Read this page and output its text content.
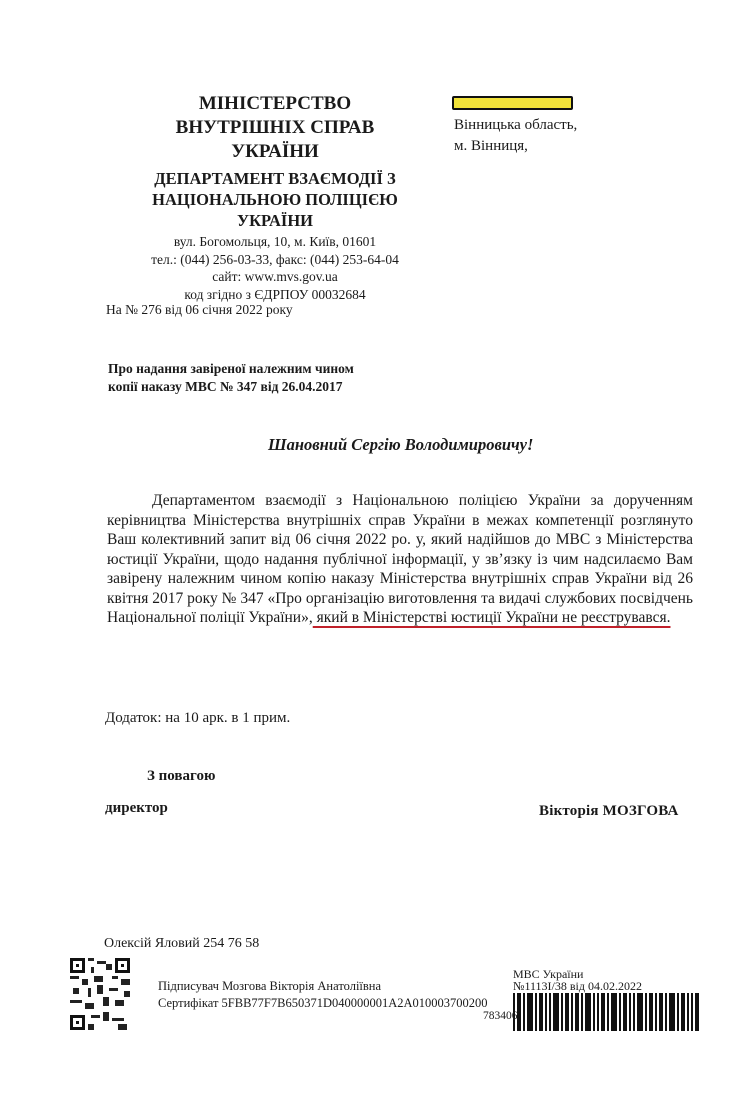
МІНІСТЕРСТВО
ВНУТРІШНІХ СПРАВ
УКРАЇНИ
ДЕПАРТАМЕНТ ВЗАЄМОДІЇ З
НАЦІОНАЛЬНОЮ ПОЛІЦІЄЮ
УКРАЇНИ
вул. Богомольця, 10, м. Київ, 01601
тел.: (044) 256-03-33, факс: (044) 253-64-04
сайт: www.mvs.gov.ua
код згідно з ЄДРПОУ 00032684
На № 276 від 06 січня 2022 року
Вінницька область,
м. Вінниця,
Про надання завіреної належним чином
копії наказу МВС № 347 від 26.04.2017
Шановний Сергію Володимировичу!
Департаментом взаємодії з Національною поліцією України за дорученням керівництва Міністерства внутрішніх справ України в межах компетенції розглянуто Ваш колективний запит від 06 січня 2022 ро. у, який надійшов до МВС з Міністерства юстиції України, щодо надання публічної інформації, у зв’язку із чим надсилаємо Вам завірену належним чином копію наказу Міністерства внутрішніх справ України від 26 квітня 2017 року № 347 «Про організацію виготовлення та видачі службових посвідчень Національної поліції України», який в Міністерстві юстиції України не реєструвався.
Додаток: на 10 арк. в 1 прим.
З повагою
директор	Вікторія МОЗГОВА
Олексій Яловий 254 76 58
Підписувач Мозгова Вікторія Анатоліївна
Сертифікат 5FBB77F7B650371D040000001A2A010003700200
МВС України
№1113І/38 від 04.02.2022
783406
